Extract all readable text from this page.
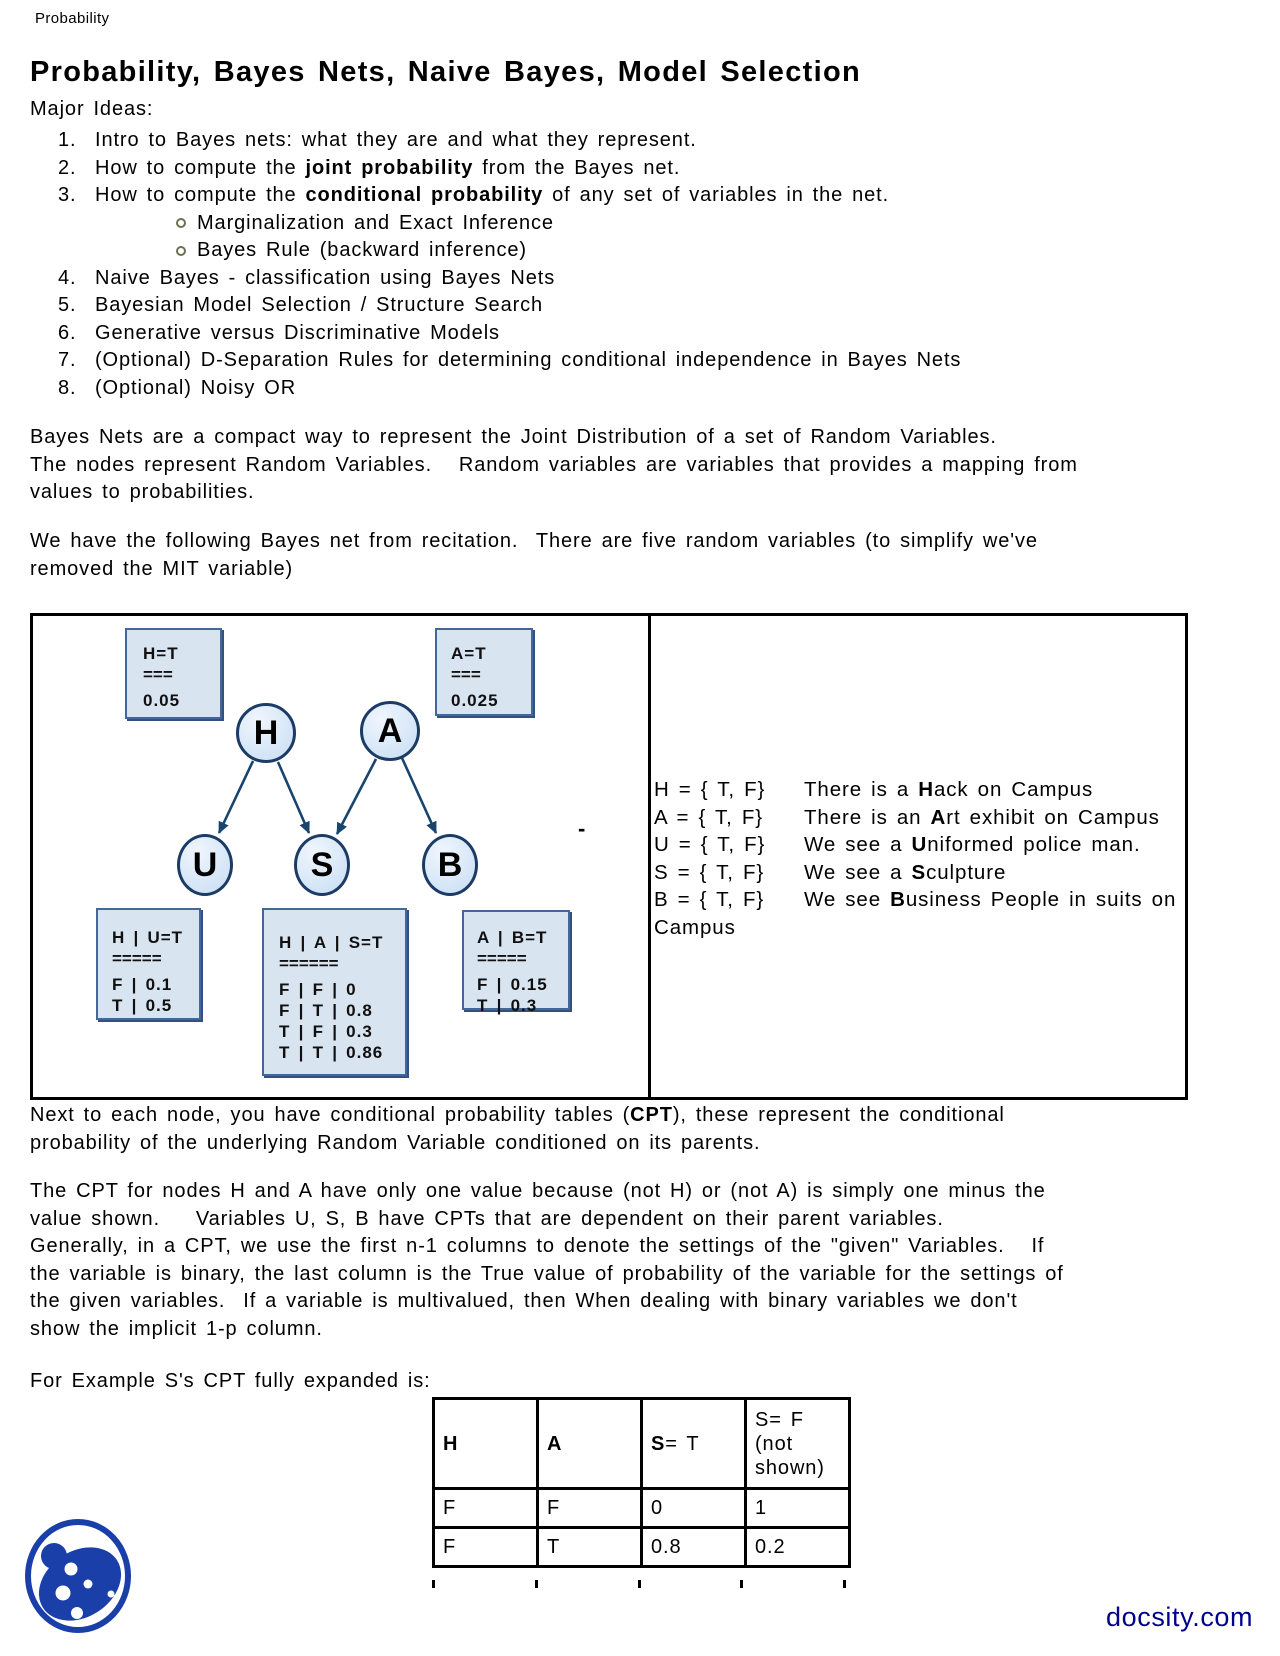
Probability
Probability, Bayes Nets, Naive Bayes, Model Selection
Major Ideas:
1. Intro to Bayes nets: what they are and what they represent.
2. How to compute the joint probability from the Bayes net.
3. How to compute the conditional probability of any set of variables in the net.
Marginalization and Exact Inference
Bayes Rule (backward inference)
4. Naive Bayes - classification using Bayes Nets
5. Bayesian Model Selection / Structure Search
6. Generative versus Discriminative Models
7. (Optional) D-Separation Rules for determining conditional independence in Bayes Nets
8. (Optional) Noisy OR
Bayes Nets are a compact way to represent the Joint Distribution of a set of Random Variables.
The nodes represent Random Variables.   Random variables are variables that provides a mapping from
values to probabilities.
We have the following Bayes net from recitation.  There are five random variables (to simplify we've
removed the MIT variable)
H=T
===
0.05
A=T
===
0.025
H | U=T
=====
F | 0.1
T | 0.5
H | A | S=T
======
F | F | 0
F | T | 0.8
T | F | 0.3
T | T | 0.86
A | B=T
=====
F | 0.15
T | 0.3
H	A
U	S	B
-
H = { T, F} There is a Hack on Campus
A = { T, F} There is an Art exhibit on Campus
U = { T, F} We see a Uniformed police man.
S = { T, F} We see a Sculpture
B = { T, F} We see Business People in suits on Campus
Next to each node, you have conditional probability tables (CPT), these represent the conditional
probability of the underlying Random Variable conditioned on its parents.
The CPT for nodes H and A have only one value because (not H) or (not A) is simply one minus the
value shown.    Variables U, S, B have CPTs that are dependent on their parent variables.
Generally, in a CPT, we use the first n-1 columns to denote the settings of the "given" Variables.   If
the variable is binary, the last column is the True value of probability of the variable for the settings of
the given variables.  If a variable is multivalued, then When dealing with binary variables we don't
show the implicit 1-p column.
For Example S's CPT fully expanded is:
H	A	S= T	S= F
(not
shown)
F	F	0	1
F	T	0.8	0.2
docsity.com
